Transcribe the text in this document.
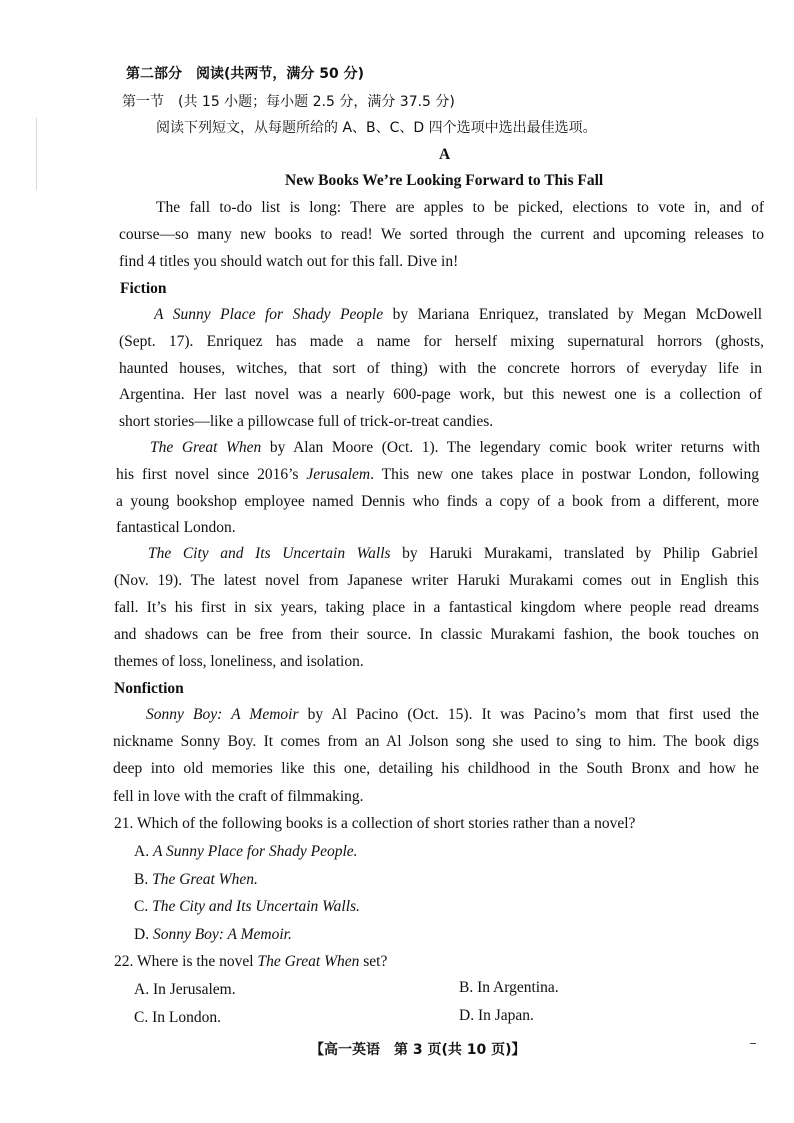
第二部分　阅读(共两节，满分 50 分)
第一节　(共 15 小题；每小题 2.5 分，满分 37.5 分)
阅读下列短文，从每题所给的 A、B、C、D 四个选项中选出最佳选项。
A
New Books We’re Looking Forward to This Fall
The fall to-do list is long: There are apples to be picked, elections to vote in, and of
course—so many new books to read! We sorted through the current and upcoming releases to
find 4 titles you should watch out for this fall. Dive in!
Fiction
A Sunny Place for Shady People by Mariana Enriquez, translated by Megan McDowell
(Sept. 17). Enriquez has made a name for herself mixing supernatural horrors (ghosts,
haunted houses, witches, that sort of thing) with the concrete horrors of everyday life in
Argentina. Her last novel was a nearly 600-page work, but this newest one is a collection of
short stories—like a pillowcase full of trick-or-treat candies.
The Great When by Alan Moore (Oct. 1). The legendary comic book writer returns with
his first novel since 2016’s Jerusalem. This new one takes place in postwar London, following
a young bookshop employee named Dennis who finds a copy of a book from a different, more
fantastical London.
The City and Its Uncertain Walls by Haruki Murakami, translated by Philip Gabriel
(Nov. 19). The latest novel from Japanese writer Haruki Murakami comes out in English this
fall. It’s his first in six years, taking place in a fantastical kingdom where people read dreams
and shadows can be free from their source. In classic Murakami fashion, the book touches on
themes of loss, loneliness, and isolation.
Nonfiction
Sonny Boy: A Memoir by Al Pacino (Oct. 15). It was Pacino’s mom that first used the
nickname Sonny Boy. It comes from an Al Jolson song she used to sing to him. The book digs
deep into old memories like this one, detailing his childhood in the South Bronx and how he
fell in love with the craft of filmmaking.
21. Which of the following books is a collection of short stories rather than a novel?
A. A Sunny Place for Shady People.
B. The Great When.
C. The City and Its Uncertain Walls.
D. Sonny Boy: A Memoir.
22. Where is the novel The Great When set?
A. In Jerusalem.	B. In Argentina.
C. In London.	D. In Japan.
【高一英语　第 3 页(共 10 页)】
